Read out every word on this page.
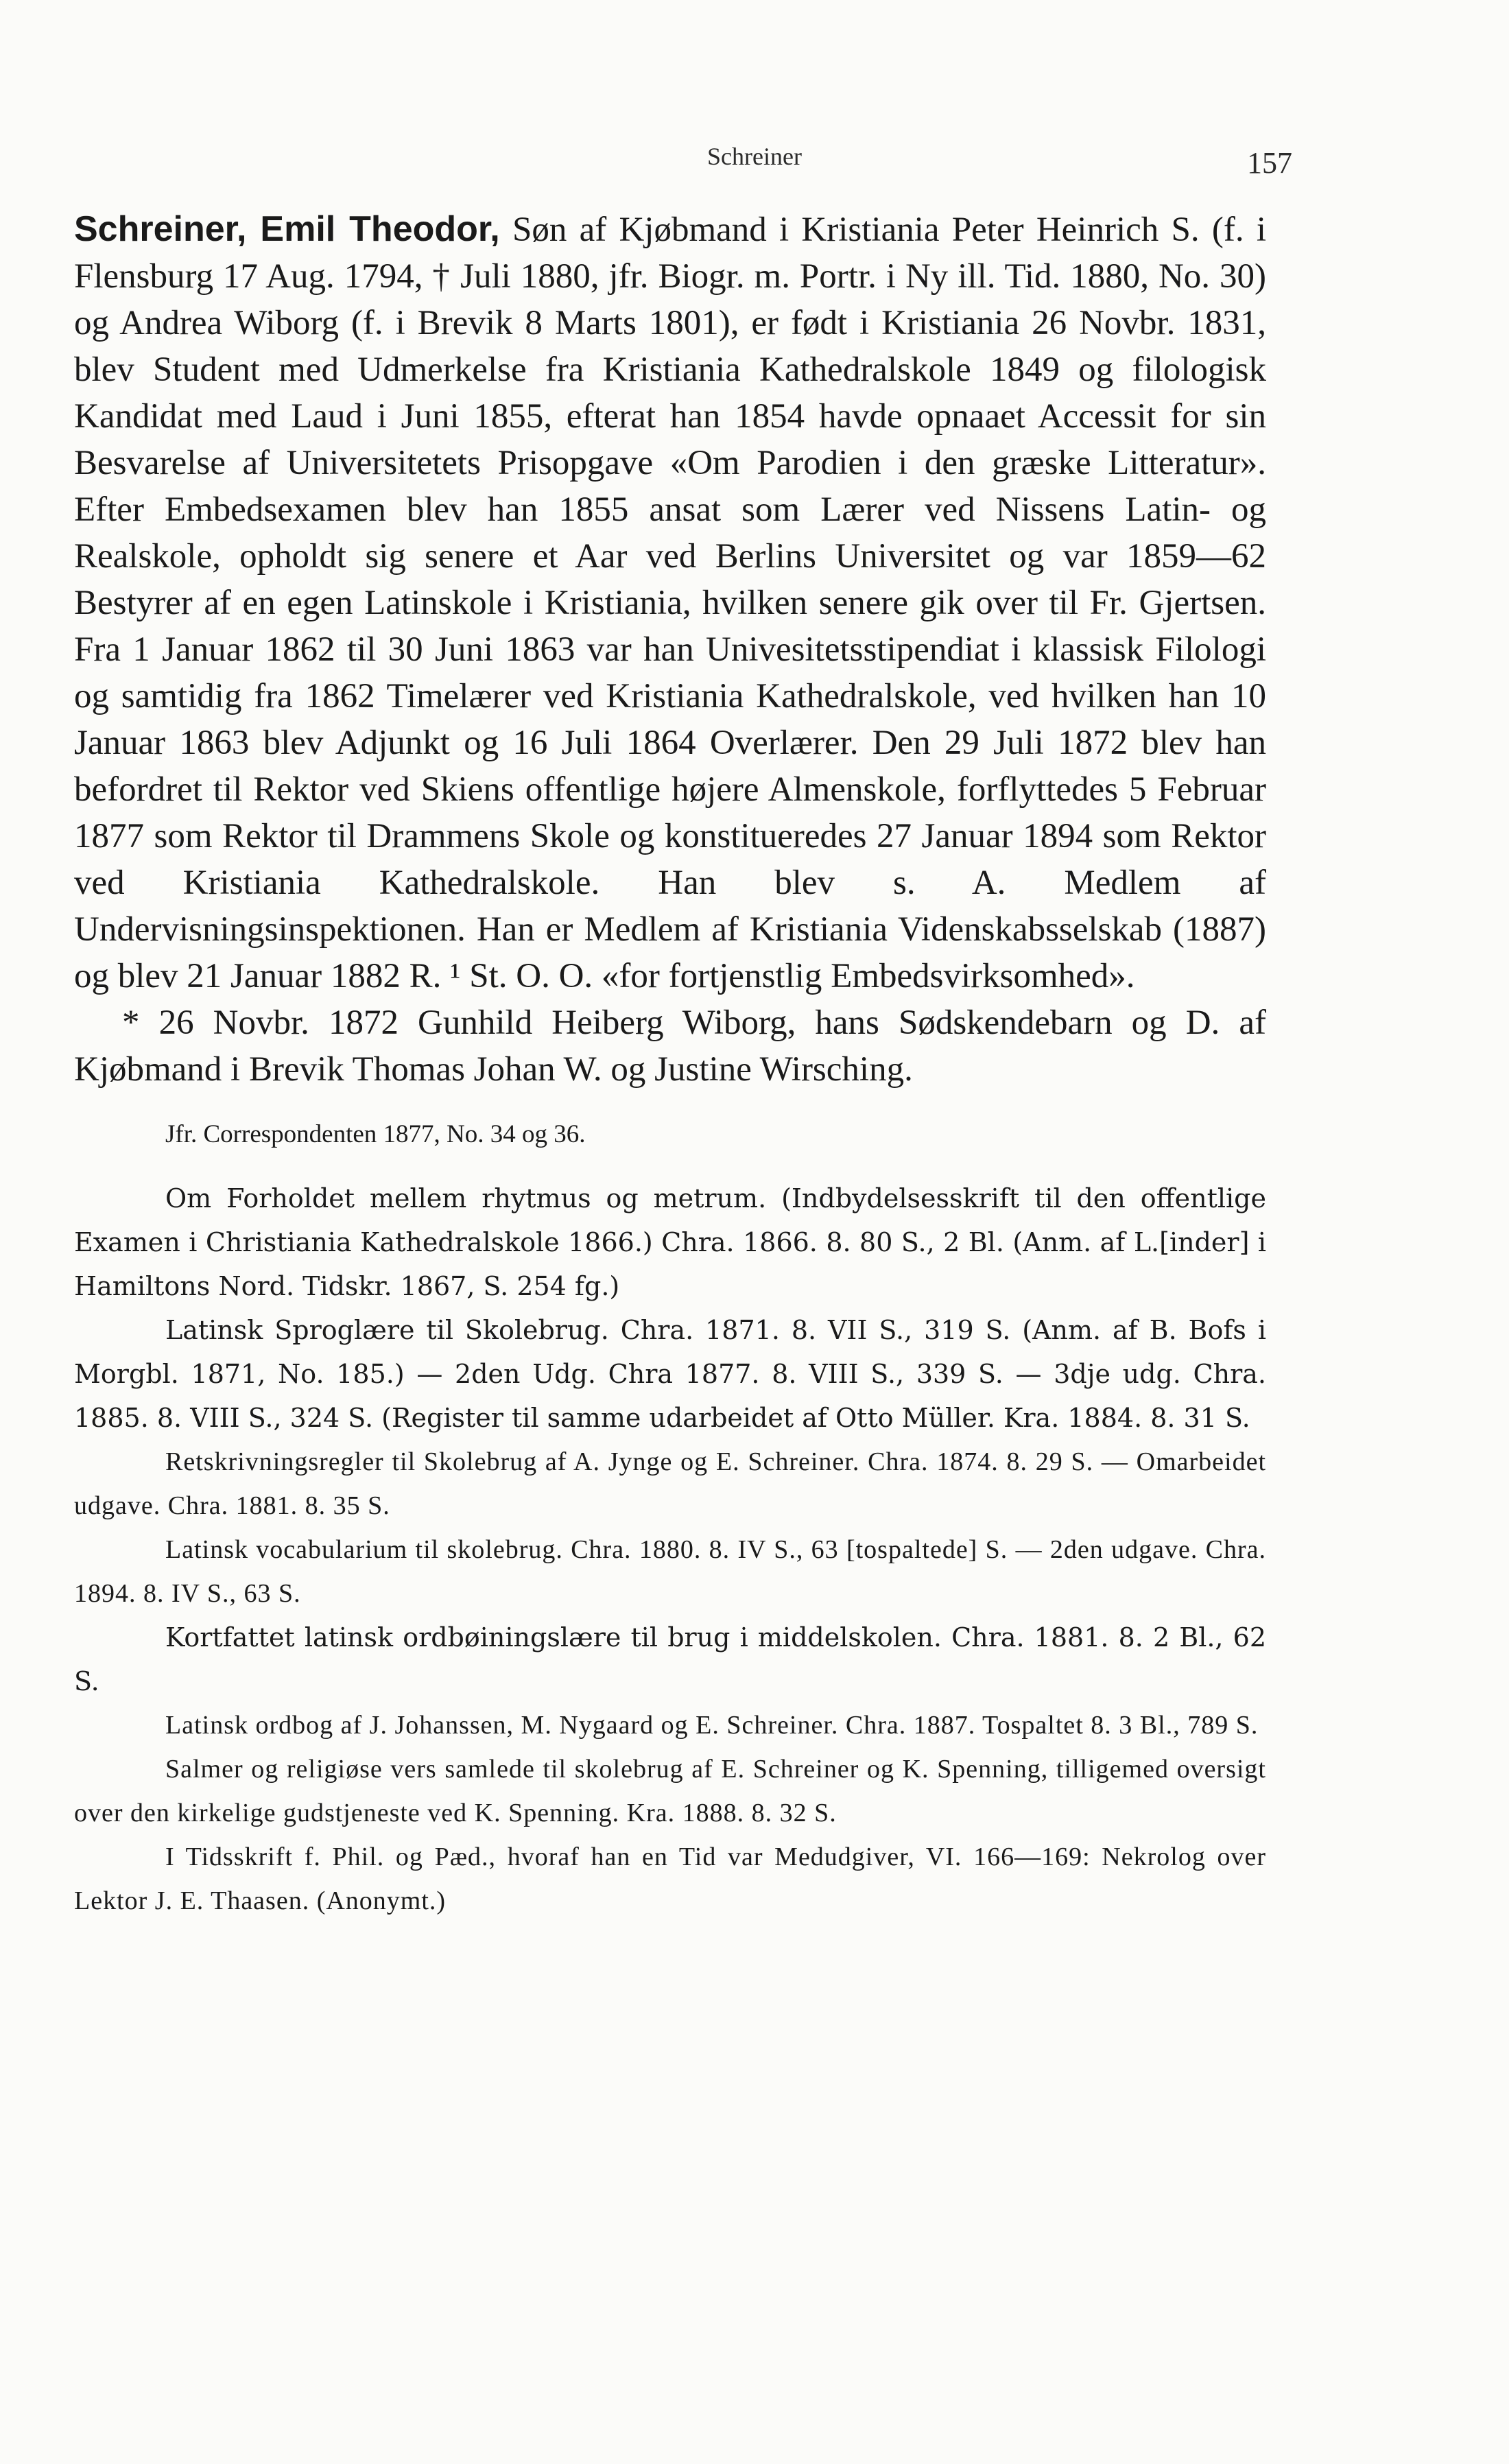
Schreiner	157

Schreiner, Emil Theodor, Søn af Kjøbmand i Kristiania Peter Heinrich S. (f. i Flensburg 17 Aug. 1794, † Juli 1880, jfr. Biogr. m. Portr. i Ny ill. Tid. 1880, No. 30) og Andrea Wiborg (f. i Brevik 8 Marts 1801), er født i Kristiania 26 Novbr. 1831, blev Student med Udmerkelse fra Kristiania Kathedralskole 1849 og filologisk Kandidat med Laud i Juni 1855, efterat han 1854 havde opnaaet Accessit for sin Besvarelse af Universitetets Prisopgave «Om Parodien i den græske Litteratur». Efter Embedsexamen blev han 1855 ansat som Lærer ved Nissens Latin- og Realskole, opholdt sig senere et Aar ved Berlins Universitet og var 1859—62 Bestyrer af en egen Latinskole i Kristiania, hvilken senere gik over til Fr. Gjertsen. Fra 1 Januar 1862 til 30 Juni 1863 var han Univesitetsstipendiat i klassisk Filologi og samtidig fra 1862 Timelærer ved Kristiania Kathedralskole, ved hvilken han 10 Januar 1863 blev Adjunkt og 16 Juli 1864 Overlærer. Den 29 Juli 1872 blev han befordret til Rektor ved Skiens offentlige højere Almenskole, forflyttedes 5 Februar 1877 som Rektor til Drammens Skole og konstitueredes 27 Januar 1894 som Rektor ved Kristiania Kathedralskole. Han blev s. A. Medlem af Undervisningsinspektionen. Han er Medlem af Kristiania Videnskabsselskab (1887) og blev 21 Januar 1882 R. ¹ St. O. O. «for fortjenstlig Embedsvirksomhed».

* 26 Novbr. 1872 Gunhild Heiberg Wiborg, hans Sødskendebarn og D. af Kjøbmand i Brevik Thomas Johan W. og Justine Wirsching.

Jfr. Correspondenten 1877, No. 34 og 36.

Om Forholdet mellem rhytmus og metrum. (Indbydelsesskrift til den offentlige Examen i Christiania Kathedralskole 1866.) Chra. 1866. 8. 80 S., 2 Bl. (Anm. af L.[inder] i Hamiltons Nord. Tidskr. 1867, S. 254 fg.)

Latinsk Sproglære til Skolebrug. Chra. 1871. 8. VII S., 319 S. (Anm. af B. Bofs i Morgbl. 1871, No. 185.) — 2den Udg. Chra 1877. 8. VIII S., 339 S. — 3dje udg. Chra. 1885. 8. VIII S., 324 S. (Register til samme udarbeidet af Otto Müller. Kra. 1884. 8. 31 S.

Retskrivningsregler til Skolebrug af A. Jynge og E. Schreiner. Chra. 1874. 8. 29 S. — Omarbeidet udgave. Chra. 1881. 8. 35 S.

Latinsk vocabularium til skolebrug. Chra. 1880. 8. IV S., 63 [tospaltede] S. — 2den udgave. Chra. 1894. 8. IV S., 63 S.

Kortfattet latinsk ordbøiningslære til brug i middelskolen. Chra. 1881. 8. 2 Bl., 62 S.

Latinsk ordbog af J. Johanssen, M. Nygaard og E. Schreiner. Chra. 1887. Tospaltet 8. 3 Bl., 789 S.

Salmer og religiøse vers samlede til skolebrug af E. Schreiner og K. Spenning, tilligemed oversigt over den kirkelige gudstjeneste ved K. Spenning. Kra. 1888. 8. 32 S.

I Tidsskrift f. Phil. og Pæd., hvoraf han en Tid var Medudgiver, VI. 166—169: Nekrolog over Lektor J. E. Thaasen. (Anonymt.)
